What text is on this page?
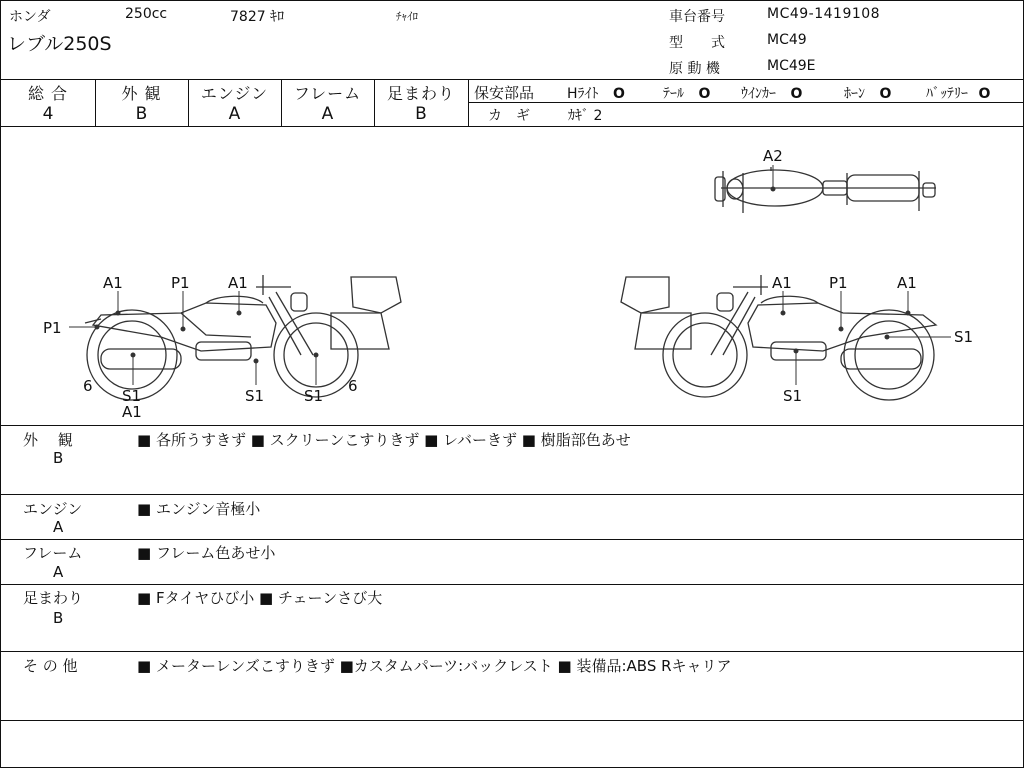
ホンダ	250cc	7827 ｷﾛ	ﾁｬｲﾛ
レブル250S
車台番号	MC49-1419108
型　　式	MC49
原 動 機	MC49E
総 合
4
外 観
B
エンジン
A
フレーム
A
足まわり
B
保安部品 Hﾗｲﾄ O	ﾃｰﾙ O ｳｲﾝｶｰ O	ﾎｰﾝ O ﾊﾞｯﾃﾘｰ O
カ　ギ	ｶｷﾞ 2
A2
A1
P1
A1
P1
6
S1
A1
S1	S1
6
A1 P1	A1
S1
S1
外　 観
B
■ 各所うすきず ■ スクリーンこすりきず ■ レバーきず ■ 樹脂部色あせ
エンジン
A
■ エンジン音極小
フレーム
A
■ フレーム色あせ小
足まわり
B
■ Fタイヤひび小 ■ チェーンさび大
そ の 他	■ メーターレンズこすりきず ■カスタムパーツ:バックレスト ■ 装備品:ABS Rキャリア
